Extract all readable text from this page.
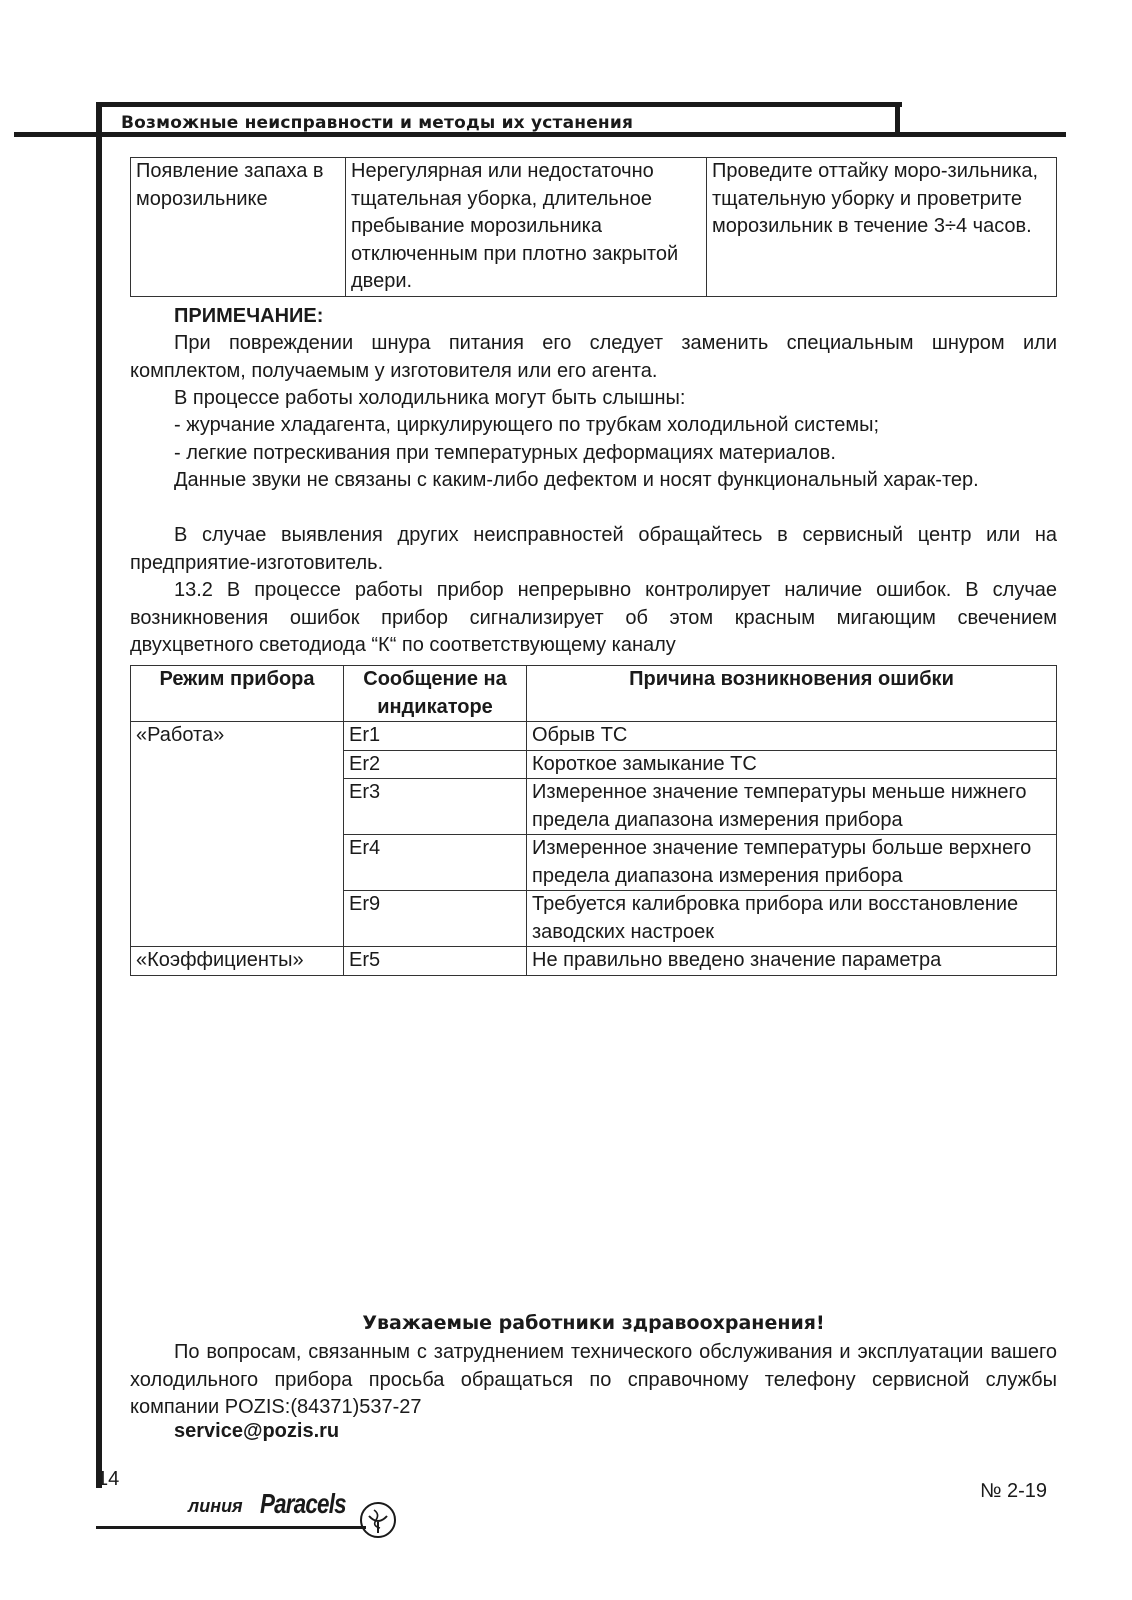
Возможные неисправности и методы их устанения
Появление запаха в морозильнике	Нерегулярная или недостаточно тщательная уборка, длительное пребывание морозильника отключенным при плотно закрытой двери.	Проведите оттайку моро-зильника, тщательную уборку и проветрите морозильник в течение 3÷4 часов.
ПРИМЕЧАНИЕ:
При повреждении шнура питания его следует заменить специальным шнуром или комплектом, получаемым у изготовителя или его агента.
В процессе работы холодильника могут быть слышны:
- журчание хладагента, циркулирующего по трубкам холодильной системы;
- легкие потрескивания при температурных деформациях материалов.
Данные звуки не связаны с каким-либо дефектом и носят функциональный харак-тер.
В случае выявления других неисправностей обращайтесь в сервисный центр или на предприятие-изготовитель.
13.2 В процессе работы прибор непрерывно контролирует наличие ошибок. В случае возникновения ошибок прибор сигнализирует об этом красным мигающим свечением двухцветного светодиода “К“ по соответствующему каналу
Режим прибора	Сообщение на индикаторе	Причина возникновения ошибки
«Работа»	Er1	Обрыв ТС
	Er2	Короткое замыкание ТС
	Er3	Измеренное значение температуры меньше нижнего предела диапазона измерения прибора
	Er4	Измеренное значение температуры больше верхнего предела диапазона измерения прибора
	Er9	Требуется калибровка прибора или восстановление заводских настроек
«Коэффициенты»	Er5	Не правильно введено значение параметра
Уважаемые работники здравоохранения!
По вопросам, связанным с затруднением технического обслуживания и эксплуатации вашего холодильного прибора просьба обращаться по справочному телефону сервисной службы компании POZIS:(84371)537-27
service@pozis.ru
№ 2-19
14
линия Paracels
